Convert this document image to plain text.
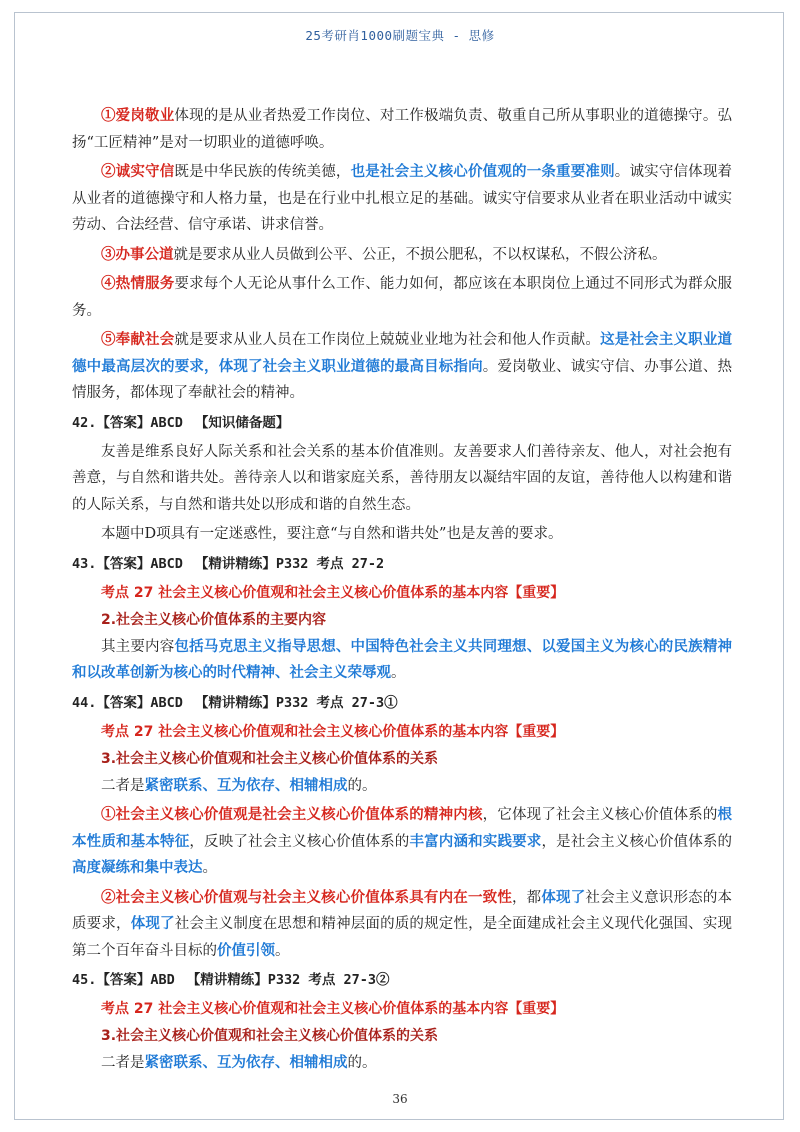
25考研肖1000刷题宝典 - 思修

①爱岗敬业体现的是从业者热爱工作岗位、对工作极端负责、敬重自己所从事职业的道德操守。弘扬“工匠精神”是对一切职业的道德呼唤。

②诚实守信既是中华民族的传统美德，也是社会主义核心价值观的一条重要准则。诚实守信体现着从业者的道德操守和人格力量，也是在行业中扎根立足的基础。诚实守信要求从业者在职业活动中诚实劳动、合法经营、信守承诺、讲求信誉。

③办事公道就是要求从业人员做到公平、公正，不损公肥私，不以权谋私，不假公济私。

④热情服务要求每个人无论从事什么工作、能力如何，都应该在本职岗位上通过不同形式为群众服务。

⑤奉献社会就是要求从业人员在工作岗位上兢兢业业地为社会和他人作贡献。这是社会主义职业道德中最高层次的要求，体现了社会主义职业道德的最高目标指向。爱岗敬业、诚实守信、办事公道、热情服务，都体现了奉献社会的精神。

42.【答案】ABCD 【知识储备题】

友善是维系良好人际关系和社会关系的基本价值准则。友善要求人们善待亲友、他人，对社会抱有善意，与自然和谐共处。善待亲人以和谐家庭关系，善待朋友以凝结牢固的友谊，善待他人以构建和谐的人际关系，与自然和谐共处以形成和谐的自然生态。

本题中D项具有一定迷惑性，要注意“与自然和谐共处”也是友善的要求。

43.【答案】ABCD 【精讲精练】P332 考点 27-2

考点 27 社会主义核心价值观和社会主义核心价值体系的基本内容【重要】

2.社会主义核心价值体系的主要内容

其主要内容包括马克思主义指导思想、中国特色社会主义共同理想、以爱国主义为核心的民族精神和以改革创新为核心的时代精神、社会主义荣辱观。

44.【答案】ABCD 【精讲精练】P332 考点 27-3①

考点 27 社会主义核心价值观和社会主义核心价值体系的基本内容【重要】

3.社会主义核心价值观和社会主义核心价值体系的关系

二者是紧密联系、互为依存、相辅相成的。

①社会主义核心价值观是社会主义核心价值体系的精神内核，它体现了社会主义核心价值体系的根本性质和基本特征，反映了社会主义核心价值体系的丰富内涵和实践要求，是社会主义核心价值体系的高度凝练和集中表达。

②社会主义核心价值观与社会主义核心价值体系具有内在一致性，都体现了社会主义意识形态的本质要求，体现了社会主义制度在思想和精神层面的质的规定性，是全面建成社会主义现代化强国、实现第二个百年奋斗目标的价值引领。

45.【答案】ABD 【精讲精练】P332 考点 27-3②

考点 27 社会主义核心价值观和社会主义核心价值体系的基本内容【重要】

3.社会主义核心价值观和社会主义核心价值体系的关系

二者是紧密联系、互为依存、相辅相成的。

36
